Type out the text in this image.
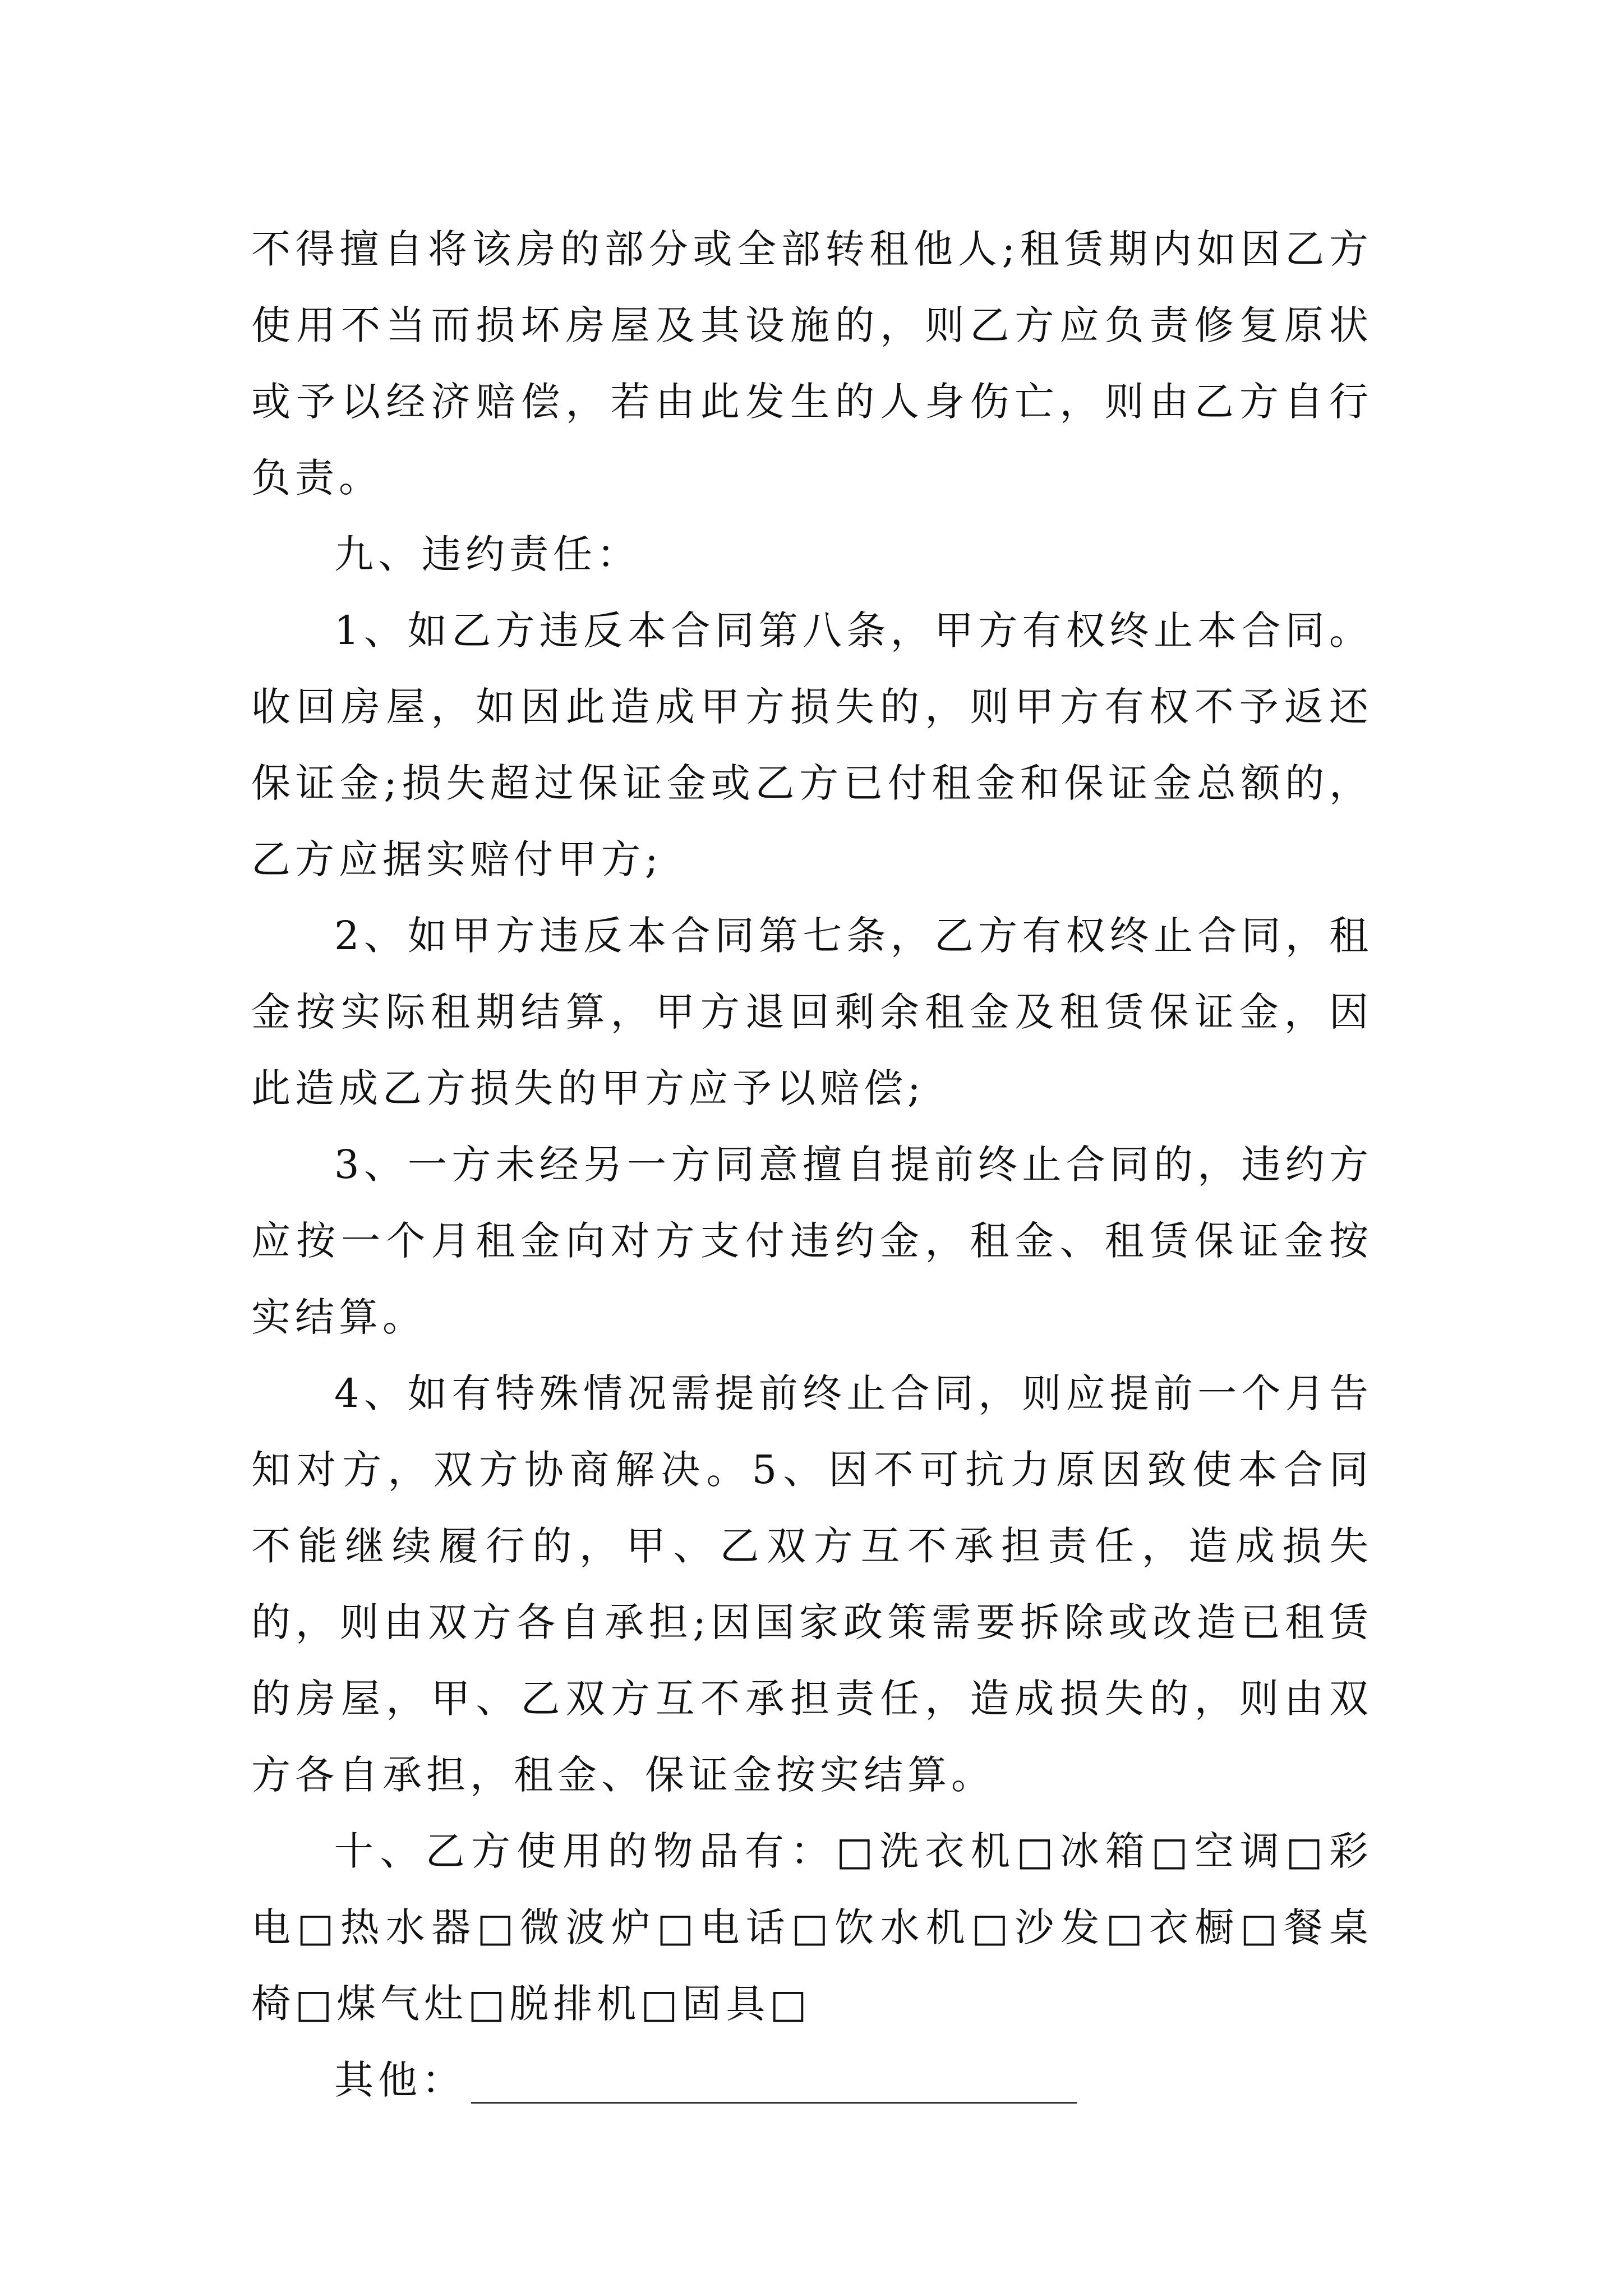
不得擅自将该房的部分或全部转租他人;租赁期内如因乙方使用不当而损坏房屋及其设施的，则乙方应负责修复原状或予以经济赔偿，若由此发生的人身伤亡，则由乙方自行负责。

九、违约责任：

1、如乙方违反本合同第八条，甲方有权终止本合同。收回房屋，如因此造成甲方损失的，则甲方有权不予返还保证金;损失超过保证金或乙方已付租金和保证金总额的，乙方应据实赔付甲方;

2、如甲方违反本合同第七条，乙方有权终止合同，租金按实际租期结算，甲方退回剩余租金及租赁保证金，因此造成乙方损失的甲方应予以赔偿;

3、一方未经另一方同意擅自提前终止合同的，违约方应按一个月租金向对方支付违约金，租金、租赁保证金按实结算。

4、如有特殊情况需提前终止合同，则应提前一个月告知对方，双方协商解决。5、因不可抗力原因致使本合同不能继续履行的，甲、乙双方互不承担责任，造成损失的，则由双方各自承担;因国家政策需要拆除或改造已租赁的房屋，甲、乙双方互不承担责任，造成损失的，则由双方各自承担，租金、保证金按实结算。

十、乙方使用的物品有：□洗衣机□冰箱□空调□彩电□热水器□微波炉□电话□饮水机□沙发□衣橱□餐桌椅□煤气灶□脱排机□固具□

其他：
